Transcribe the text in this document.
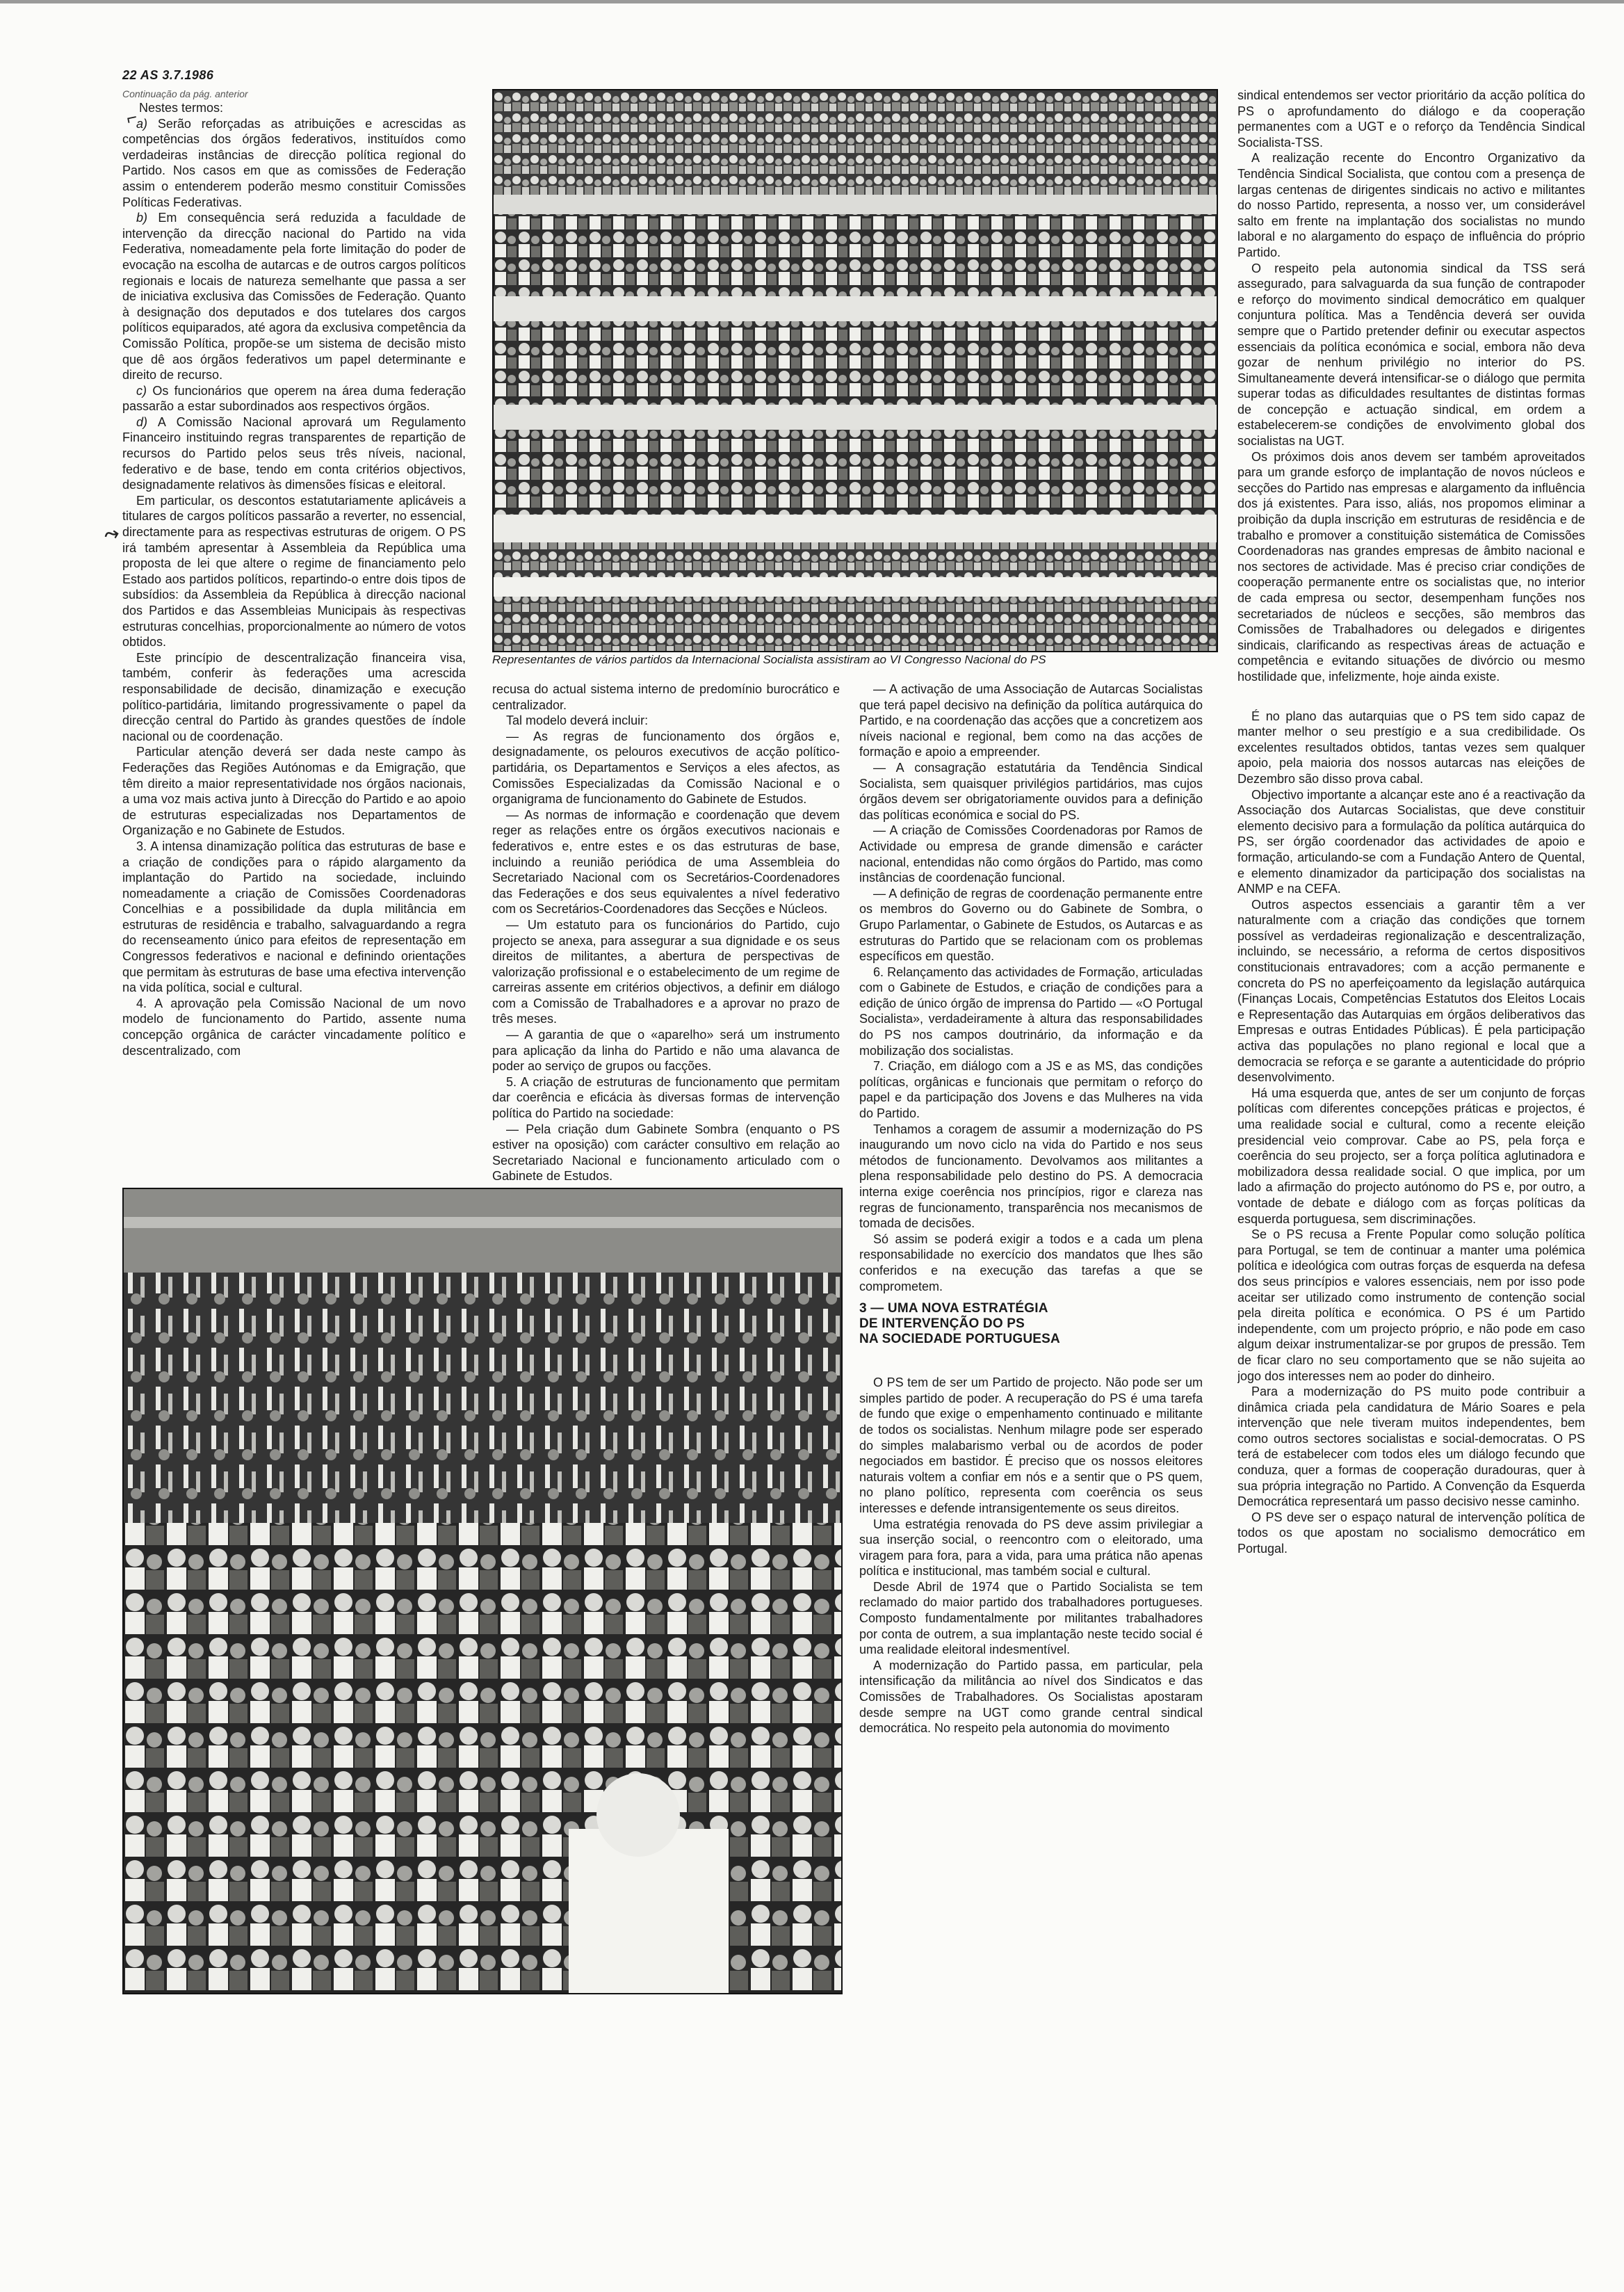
22 AS 3.7.1986

Continuação da pág. anterior

Nestes termos:

a) Serão reforçadas as atribuições e acrescidas as competências dos órgãos federativos, instituídos como verdadeiras instâncias de direcção política regional do Partido. Nos casos em que as comissões de Federação assim o entenderem poderão mesmo constituir Comissões Políticas Federativas.

b) Em consequência será reduzida a faculdade de intervenção da direcção nacional do Partido na vida Federativa, nomeadamente pela forte limitação do poder de evocação na escolha de autarcas e de outros cargos políticos regionais e locais de natureza semelhante que passa a ser de iniciativa exclusiva das Comissões de Federação. Quanto à designação dos deputados e dos tutelares dos cargos políticos equiparados, até agora da exclusiva competência da Comissão Política, propõe-se um sistema de decisão misto que dê aos órgãos federativos um papel determinante e direito de recurso.

c) Os funcionários que operem na área duma federação passarão a estar subordinados aos respectivos órgãos.

d) A Comissão Nacional aprovará um Regulamento Financeiro instituindo regras transparentes de repartição de recursos do Partido pelos seus três níveis, nacional, federativo e de base, tendo em conta critérios objectivos, designadamente relativos às dimensões físicas e eleitoral.

Em particular, os descontos estatutariamente aplicáveis a titulares de cargos políticos passarão a reverter, no essencial, directamente para as respectivas estruturas de origem. O PS irá também apresentar à Assembleia da República uma proposta de lei que altere o regime de financiamento pelo Estado aos partidos políticos, repartindo-o entre dois tipos de subsídios: da Assembleia da República à direcção nacional dos Partidos e das Assembleias Municipais às respectivas estruturas concelhias, proporcionalmente ao número de votos obtidos.

Este princípio de descentralização financeira visa, também, conferir às federações uma acrescida responsabilidade de decisão, dinamização e execução político-partidária, limitando progressivamente o papel da direcção central do Partido às grandes questões de índole nacional ou de coordenação.

Particular atenção deverá ser dada neste campo às Federações das Regiões Autónomas e da Emigração, que têm direito a maior representatividade nos órgãos nacionais, a uma voz mais activa junto à Direcção do Partido e ao apoio de estruturas especializadas nos Departamentos de Organização e no Gabinete de Estudos.

3. A intensa dinamização política das estruturas de base e a criação de condições para o rápido alargamento da implantação do Partido na sociedade, incluindo nomeadamente a criação de Comissões Coordenadoras Concelhias e a possibilidade da dupla militância em estruturas de residência e trabalho, salvaguardando a regra do recenseamento único para efeitos de representação em Congressos federativos e nacional e definindo orientações que permitam às estruturas de base uma efectiva intervenção na vida política, social e cultural.

4. A aprovação pela Comissão Nacional de um novo modelo de funcionamento do Partido, assente numa concepção orgânica de carácter vincadamente político e descentralizado, com

Representantes de vários partidos da Internacional Socialista assistiram ao VI Congresso Nacional do PS

recusa do actual sistema interno de predomínio burocrático e centralizador.

Tal modelo deverá incluir:

— As regras de funcionamento dos órgãos e, designadamente, os pelouros executivos de acção político-partidária, os Departamentos e Serviços a eles afectos, as Comissões Especializadas da Comissão Nacional e o organigrama de funcionamento do Gabinete de Estudos.

— As normas de informação e coordenação que devem reger as relações entre os órgãos executivos nacionais e federativos e, entre estes e os das estruturas de base, incluindo a reunião periódica de uma Assembleia do Secretariado Nacional com os Secretários-Coordenadores das Federações e dos seus equivalentes a nível federativo com os Secretários-Coordenadores das Secções e Núcleos.

— Um estatuto para os funcionários do Partido, cujo projecto se anexa, para assegurar a sua dignidade e os seus direitos de militantes, a abertura de perspectivas de valorização profissional e o estabelecimento de um regime de carreiras assente em critérios objectivos, a definir em diálogo com a Comissão de Trabalhadores e a aprovar no prazo de três meses.

— A garantia de que o «aparelho» será um instrumento para aplicação da linha do Partido e não uma alavanca de poder ao serviço de grupos ou facções.

5. A criação de estruturas de funcionamento que permitam dar coerência e eficácia às diversas formas de intervenção política do Partido na sociedade:

— Pela criação dum Gabinete Sombra (enquanto o PS estiver na oposição) com carácter consultivo em relação ao Secretariado Nacional e funcionamento articulado com o Gabinete de Estudos.

— A activação de uma Associação de Autarcas Socialistas que terá papel decisivo na definição da política autárquica do Partido, e na coordenação das acções que a concretizem aos níveis nacional e regional, bem como na das acções de formação e apoio a empreender.

— A consagração estatutária da Tendência Sindical Socialista, sem quaisquer privilégios partidários, mas cujos órgãos devem ser obrigatoriamente ouvidos para a definição das políticas económica e social do PS.

— A criação de Comissões Coordenadoras por Ramos de Actividade ou empresa de grande dimensão e carácter nacional, entendidas não como órgãos do Partido, mas como instâncias de coordenação funcional.

— A definição de regras de coordenação permanente entre os membros do Governo ou do Gabinete de Sombra, o Grupo Parlamentar, o Gabinete de Estudos, os Autarcas e as estruturas do Partido que se relacionam com os problemas específicos em questão.

6. Relançamento das actividades de Formação, articuladas com o Gabinete de Estudos, e criação de condições para a edição de único órgão de imprensa do Partido — «O Portugal Socialista», verdadeiramente à altura das responsabilidades do PS nos campos doutrinário, da informação e da mobilização dos socialistas.

7. Criação, em diálogo com a JS e as MS, das condições políticas, orgânicas e funcionais que permitam o reforço do papel e da participação dos Jovens e das Mulheres na vida do Partido.

Tenhamos a coragem de assumir a modernização do PS inaugurando um novo ciclo na vida do Partido e nos seus métodos de funcionamento. Devolvamos aos militantes a plena responsabilidade pelo destino do PS. A democracia interna exige coerência nos princípios, rigor e clareza nas regras de funcionamento, transparência nos mecanismos de tomada de decisões.

Só assim se poderá exigir a todos e a cada um plena responsabilidade no exercício dos mandatos que lhes são conferidos e na execução das tarefas a que se comprometem.

3 — UMA NOVA ESTRATÉGIA
DE INTERVENÇÃO DO PS
NA SOCIEDADE PORTUGUESA

O PS tem de ser um Partido de projecto. Não pode ser um simples partido de poder. A recuperação do PS é uma tarefa de fundo que exige o empenhamento continuado e militante de todos os socialistas. Nenhum milagre pode ser esperado do simples malabarismo verbal ou de acordos de poder negociados em bastidor. É preciso que os nossos eleitores naturais voltem a confiar em nós e a sentir que o PS quem, no plano político, representa com coerência os seus interesses e defende intransigentemente os seus direitos.

Uma estratégia renovada do PS deve assim privilegiar a sua inserção social, o reencontro com o eleitorado, uma viragem para fora, para a vida, para uma prática não apenas política e institucional, mas também social e cultural.

Desde Abril de 1974 que o Partido Socialista se tem reclamado do maior partido dos trabalhadores portugueses. Composto fundamentalmente por militantes trabalhadores por conta de outrem, a sua implantação neste tecido social é uma realidade eleitoral indesmentível.

A modernização do Partido passa, em particular, pela intensificação da militância ao nível dos Sindicatos e das Comissões de Trabalhadores. Os Socialistas apostaram desde sempre na UGT como grande central sindical democrática. No respeito pela autonomia do movimento

sindical entendemos ser vector prioritário da acção política do PS o aprofundamento do diálogo e da cooperação permanentes com a UGT e o reforço da Tendência Sindical Socialista-TSS.

A realização recente do Encontro Organizativo da Tendência Sindical Socialista, que contou com a presença de largas centenas de dirigentes sindicais no activo e militantes do nosso Partido, representa, a nosso ver, um considerável salto em frente na implantação dos socialistas no mundo laboral e no alargamento do espaço de influência do próprio Partido.

O respeito pela autonomia sindical da TSS será assegurado, para salvaguarda da sua função de contrapoder e reforço do movimento sindical democrático em qualquer conjuntura política. Mas a Tendência deverá ser ouvida sempre que o Partido pretender definir ou executar aspectos essenciais da política económica e social, embora não deva gozar de nenhum privilégio no interior do PS. Simultaneamente deverá intensificar-se o diálogo que permita superar todas as dificuldades resultantes de distintas formas de concepção e actuação sindical, em ordem a estabelecerem-se condições de envolvimento global dos socialistas na UGT.

Os próximos dois anos devem ser também aproveitados para um grande esforço de implantação de novos núcleos e secções do Partido nas empresas e alargamento da influência dos já existentes. Para isso, aliás, nos propomos eliminar a proibição da dupla inscrição em estruturas de residência e de trabalho e promover a constituição sistemática de Comissões Coordenadoras nas grandes empresas de âmbito nacional e nos sectores de actividade. Mas é preciso criar condições de cooperação permanente entre os socialistas que, no interior de cada empresa ou sector, desempenham funções nos secretariados de núcleos e secções, são membros das Comissões de Trabalhadores ou delegados e dirigentes sindicais, clarificando as respectivas áreas de actuação e competência e evitando situações de divórcio ou mesmo hostilidade que, infelizmente, hoje ainda existe.

É no plano das autarquias que o PS tem sido capaz de manter melhor o seu prestígio e a sua credibilidade. Os excelentes resultados obtidos, tantas vezes sem qualquer apoio, pela maioria dos nossos autarcas nas eleições de Dezembro são disso prova cabal.

Objectivo importante a alcançar este ano é a reactivação da Associação dos Autarcas Socialistas, que deve constituir elemento decisivo para a formulação da política autárquica do PS, ser órgão coordenador das actividades de apoio e formação, articulando-se com a Fundação Antero de Quental, e elemento dinamizador da participação dos socialistas na ANMP e na CEFA.

Outros aspectos essenciais a garantir têm a ver naturalmente com a criação das condições que tornem possível as verdadeiras regionalização e descentralização, incluindo, se necessário, a reforma de certos dispositivos constitucionais entravadores; com a acção permanente e concreta do PS no aperfeiçoamento da legislação autárquica (Finanças Locais, Competências Estatutos dos Eleitos Locais e Representação das Autarquias em órgãos deliberativos das Empresas e outras Entidades Públicas). É pela participação activa das populações no plano regional e local que a democracia se reforça e se garante a autenticidade do próprio desenvolvimento.

Há uma esquerda que, antes de ser um conjunto de forças políticas com diferentes concepções práticas e projectos, é uma realidade social e cultural, como a recente eleição presidencial veio comprovar. Cabe ao PS, pela força e coerência do seu projecto, ser a força política aglutinadora e mobilizadora dessa realidade social. O que implica, por um lado a afirmação do projecto autónomo do PS e, por outro, a vontade de debate e diálogo com as forças políticas da esquerda portuguesa, sem discriminações.

Se o PS recusa a Frente Popular como solução política para Portugal, se tem de continuar a manter uma polémica política e ideológica com outras forças de esquerda na defesa dos seus princípios e valores essenciais, nem por isso pode aceitar ser utilizado como instrumento de contenção social pela direita política e económica. O PS é um Partido independente, com um projecto próprio, e não pode em caso algum deixar instrumentalizar-se por grupos de pressão. Tem de ficar claro no seu comportamento que se não sujeita ao jogo dos interesses nem ao poder do dinheiro.

Para a modernização do PS muito pode contribuir a dinâmica criada pela candidatura de Mário Soares e pela intervenção que nele tiveram muitos independentes, bem como outros sectores socialistas e social-democratas. O PS terá de estabelecer com todos eles um diálogo fecundo que conduza, quer a formas de cooperação duradouras, quer à sua própria integração no Partido. A Convenção da Esquerda Democrática representará um passo decisivo nesse caminho.

O PS deve ser o espaço natural de intervenção política de todos os que apostam no socialismo democrático em Portugal.

⌐
⤳
